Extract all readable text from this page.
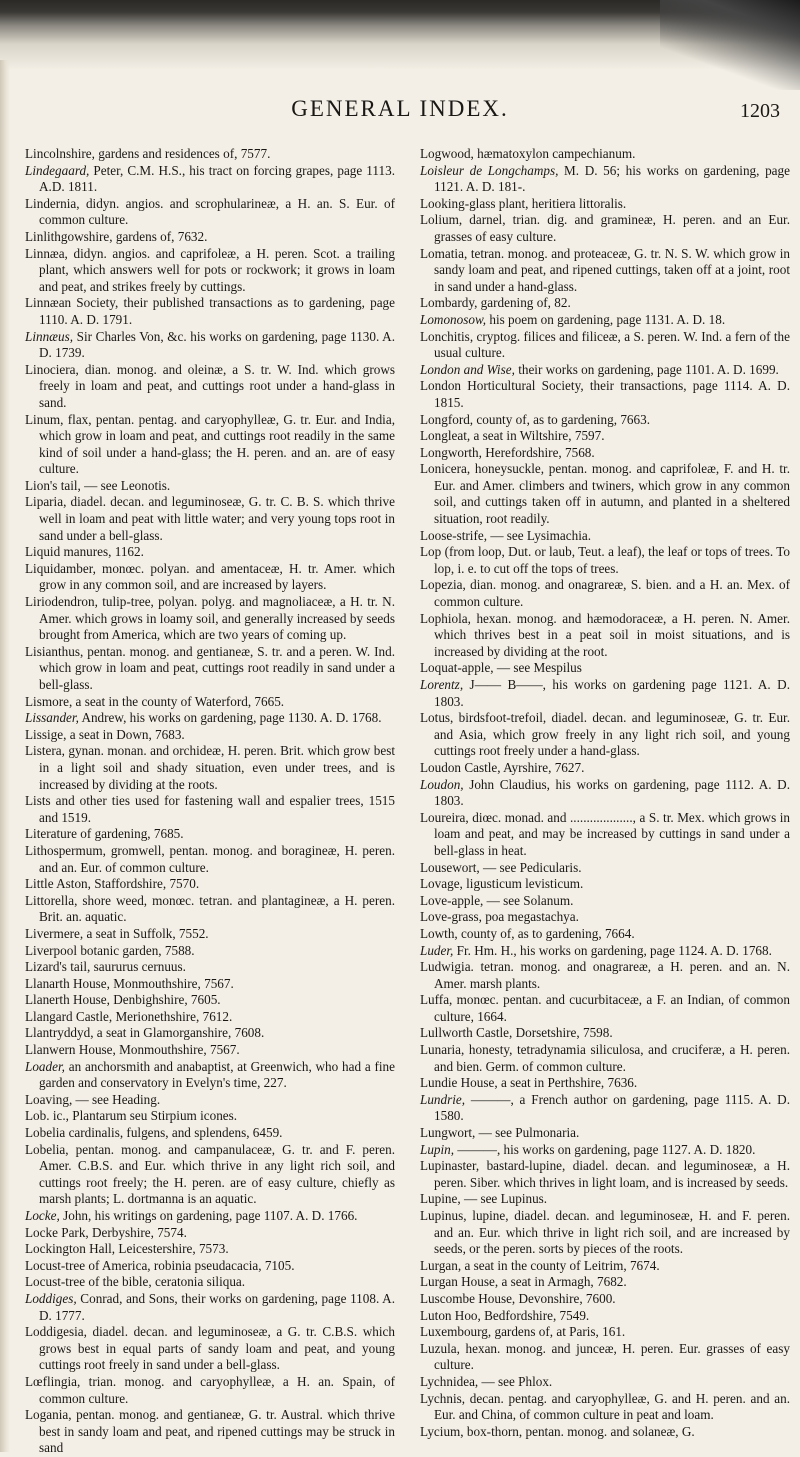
GENERAL INDEX.	1203

Lincolnshire, gardens and residences of, 7577.

Lindegaard, Peter, C.M. H.S., his tract on forcing grapes, page 1113. A.D. 1811.

Lindernia, didyn. angios. and scrophularineæ, a H. an. S. Eur. of common culture.

Linlithgowshire, gardens of, 7632.

Linnæa, didyn. angios. and caprifoleæ, a H. peren. Scot. a trailing plant, which answers well for pots or rockwork; it grows in loam and peat, and strikes freely by cuttings.

Linnæan Society, their published transactions as to gardening, page 1110. A. D. 1791.

Linnæus, Sir Charles Von, &c. his works on gardening, page 1130. A. D. 1739.

Linociera, dian. monog. and oleinæ, a S. tr. W. Ind. which grows freely in loam and peat, and cuttings root under a hand-glass in sand.

Linum, flax, pentan. pentag. and caryophylleæ, G. tr. Eur. and India, which grow in loam and peat, and cuttings root readily in the same kind of soil under a hand-glass; the H. peren. and an. are of easy culture.

Lion's tail, — see Leonotis.

Liparia, diadel. decan. and leguminoseæ, G. tr. C. B. S. which thrive well in loam and peat with little water; and very young tops root in sand under a bell-glass.

Liquid manures, 1162.

Liquidamber, monœc. polyan. and amentaceæ, H. tr. Amer. which grow in any common soil, and are increased by layers.

Liriodendron, tulip-tree, polyan. polyg. and magnoliaceæ, a H. tr. N. Amer. which grows in loamy soil, and generally increased by seeds brought from America, which are two years of coming up.

Lisianthus, pentan. monog. and gentianeæ, S. tr. and a peren. W. Ind. which grow in loam and peat, cuttings root readily in sand under a bell-glass.

Lismore, a seat in the county of Waterford, 7665.

Lissander, Andrew, his works on gardening, page 1130. A. D. 1768.

Lissige, a seat in Down, 7683.

Listera, gynan. monan. and orchideæ, H. peren. Brit. which grow best in a light soil and shady situation, even under trees, and is increased by dividing at the roots.

Lists and other ties used for fastening wall and espalier trees, 1515 and 1519.

Literature of gardening, 7685.

Lithospermum, gromwell, pentan. monog. and boragineæ, H. peren. and an. Eur. of common culture.

Little Aston, Staffordshire, 7570.

Littorella, shore weed, monœc. tetran. and plantagineæ, a H. peren. Brit. an. aquatic.

Livermere, a seat in Suffolk, 7552.

Liverpool botanic garden, 7588.

Lizard's tail, saururus cernuus.

Llanarth House, Monmouthshire, 7567.

Llanerth House, Denbighshire, 7605.

Llangard Castle, Merionethshire, 7612.

Llantryddyd, a seat in Glamorganshire, 7608.

Llanwern House, Monmouthshire, 7567.

Loader, an anchorsmith and anabaptist, at Greenwich, who had a fine garden and conservatory in Evelyn's time, 227.

Loaving, — see Heading.

Lob. ic., Plantarum seu Stirpium icones.

Lobelia cardinalis, fulgens, and splendens, 6459.

Lobelia, pentan. monog. and campanulaceæ, G. tr. and F. peren. Amer. C.B.S. and Eur. which thrive in any light rich soil, and cuttings root freely; the H. peren. are of easy culture, chiefly as marsh plants; L. dortmanna is an aquatic.

Locke, John, his writings on gardening, page 1107. A. D. 1766.

Locke Park, Derbyshire, 7574.

Lockington Hall, Leicestershire, 7573.

Locust-tree of America, robinia pseudacacia, 7105.

Locust-tree of the bible, ceratonia siliqua.

Loddiges, Conrad, and Sons, their works on gardening, page 1108. A. D. 1777.

Loddigesia, diadel. decan. and leguminoseæ, a G. tr. C.B.S. which grows best in equal parts of sandy loam and peat, and young cuttings root freely in sand under a bell-glass.

Lœflingia, trian. monog. and caryophylleæ, a H. an. Spain, of common culture.

Logania, pentan. monog. and gentianeæ, G. tr. Austral. which thrive best in sandy loam and peat, and ripened cuttings may be struck in sand

Logwood, hæmatoxylon campechianum.

Loisleur de Longchamps, M. D. 56; his works on gardening, page 1121. A. D. 181-.

Looking-glass plant, heritiera littoralis.

Lolium, darnel, trian. dig. and gramineæ, H. peren. and an Eur. grasses of easy culture.

Lomatia, tetran. monog. and proteaceæ, G. tr. N. S. W. which grow in sandy loam and peat, and ripened cuttings, taken off at a joint, root in sand under a hand-glass.

Lombardy, gardening of, 82.

Lomonosow, his poem on gardening, page 1131. A. D. 18.

Lonchitis, cryptog. filices and filiceæ, a S. peren. W. Ind. a fern of the usual culture.

London and Wise, their works on gardening, page 1101. A. D. 1699.

London Horticultural Society, their transactions, page 1114. A. D. 1815.

Longford, county of, as to gardening, 7663.

Longleat, a seat in Wiltshire, 7597.

Longworth, Herefordshire, 7568.

Lonicera, honeysuckle, pentan. monog. and caprifoleæ, F. and H. tr. Eur. and Amer. climbers and twiners, which grow in any common soil, and cuttings taken off in autumn, and planted in a sheltered situation, root readily.

Loose-strife, — see Lysimachia.

Lop (from loop, Dut. or laub, Teut. a leaf), the leaf or tops of trees. To lop, i. e. to cut off the tops of trees.

Lopezia, dian. monog. and onagrareæ, S. bien. and a H. an. Mex. of common culture.

Lophiola, hexan. monog. and hæmodoraceæ, a H. peren. N. Amer. which thrives best in a peat soil in moist situations, and is increased by dividing at the root.

Loquat-apple, — see Mespilus

Lorentz, J—— B——, his works on gardening page 1121. A. D. 1803.

Lotus, birdsfoot-trefoil, diadel. decan. and leguminoseæ, G. tr. Eur. and Asia, which grow freely in any light rich soil, and young cuttings root freely under a hand-glass.

Loudon Castle, Ayrshire, 7627.

Loudon, John Claudius, his works on gardening, page 1112. A. D. 1803.

Loureira, diœc. monad. and ..................., a S. tr. Mex. which grows in loam and peat, and may be increased by cuttings in sand under a bell-glass in heat.

Lousewort, — see Pedicularis.

Lovage, ligusticum levisticum.

Love-apple, — see Solanum.

Love-grass, poa megastachya.

Lowth, county of, as to gardening, 7664.

Luder, Fr. Hm. H., his works on gardening, page 1124. A. D. 1768.

Ludwigia. tetran. monog. and onagrareæ, a H. peren. and an. N. Amer. marsh plants.

Luffa, monœc. pentan. and cucurbitaceæ, a F. an Indian, of common culture, 1664.

Lullworth Castle, Dorsetshire, 7598.

Lunaria, honesty, tetradynamia siliculosa, and cruciferæ, a H. peren. and bien. Germ. of common culture.

Lundie House, a seat in Perthshire, 7636.

Lundrie, ———, a French author on gardening, page 1115. A. D. 1580.

Lungwort, — see Pulmonaria.

Lupin, ———, his works on gardening, page 1127. A. D. 1820.

Lupinaster, bastard-lupine, diadel. decan. and leguminoseæ, a H. peren. Siber. which thrives in light loam, and is increased by seeds.

Lupine, — see Lupinus.

Lupinus, lupine, diadel. decan. and leguminoseæ, H. and F. peren. and an. Eur. which thrive in light rich soil, and are increased by seeds, or the peren. sorts by pieces of the roots.

Lurgan, a seat in the county of Leitrim, 7674.

Lurgan House, a seat in Armagh, 7682.

Luscombe House, Devonshire, 7600.

Luton Hoo, Bedfordshire, 7549.

Luxembourg, gardens of, at Paris, 161.

Luzula, hexan. monog. and junceæ, H. peren. Eur. grasses of easy culture.

Lychnidea, — see Phlox.

Lychnis, decan. pentag. and caryophylleæ, G. and H. peren. and an. Eur. and China, of common culture in peat and loam.

Lycium, box-thorn, pentan. monog. and solaneæ, G.
